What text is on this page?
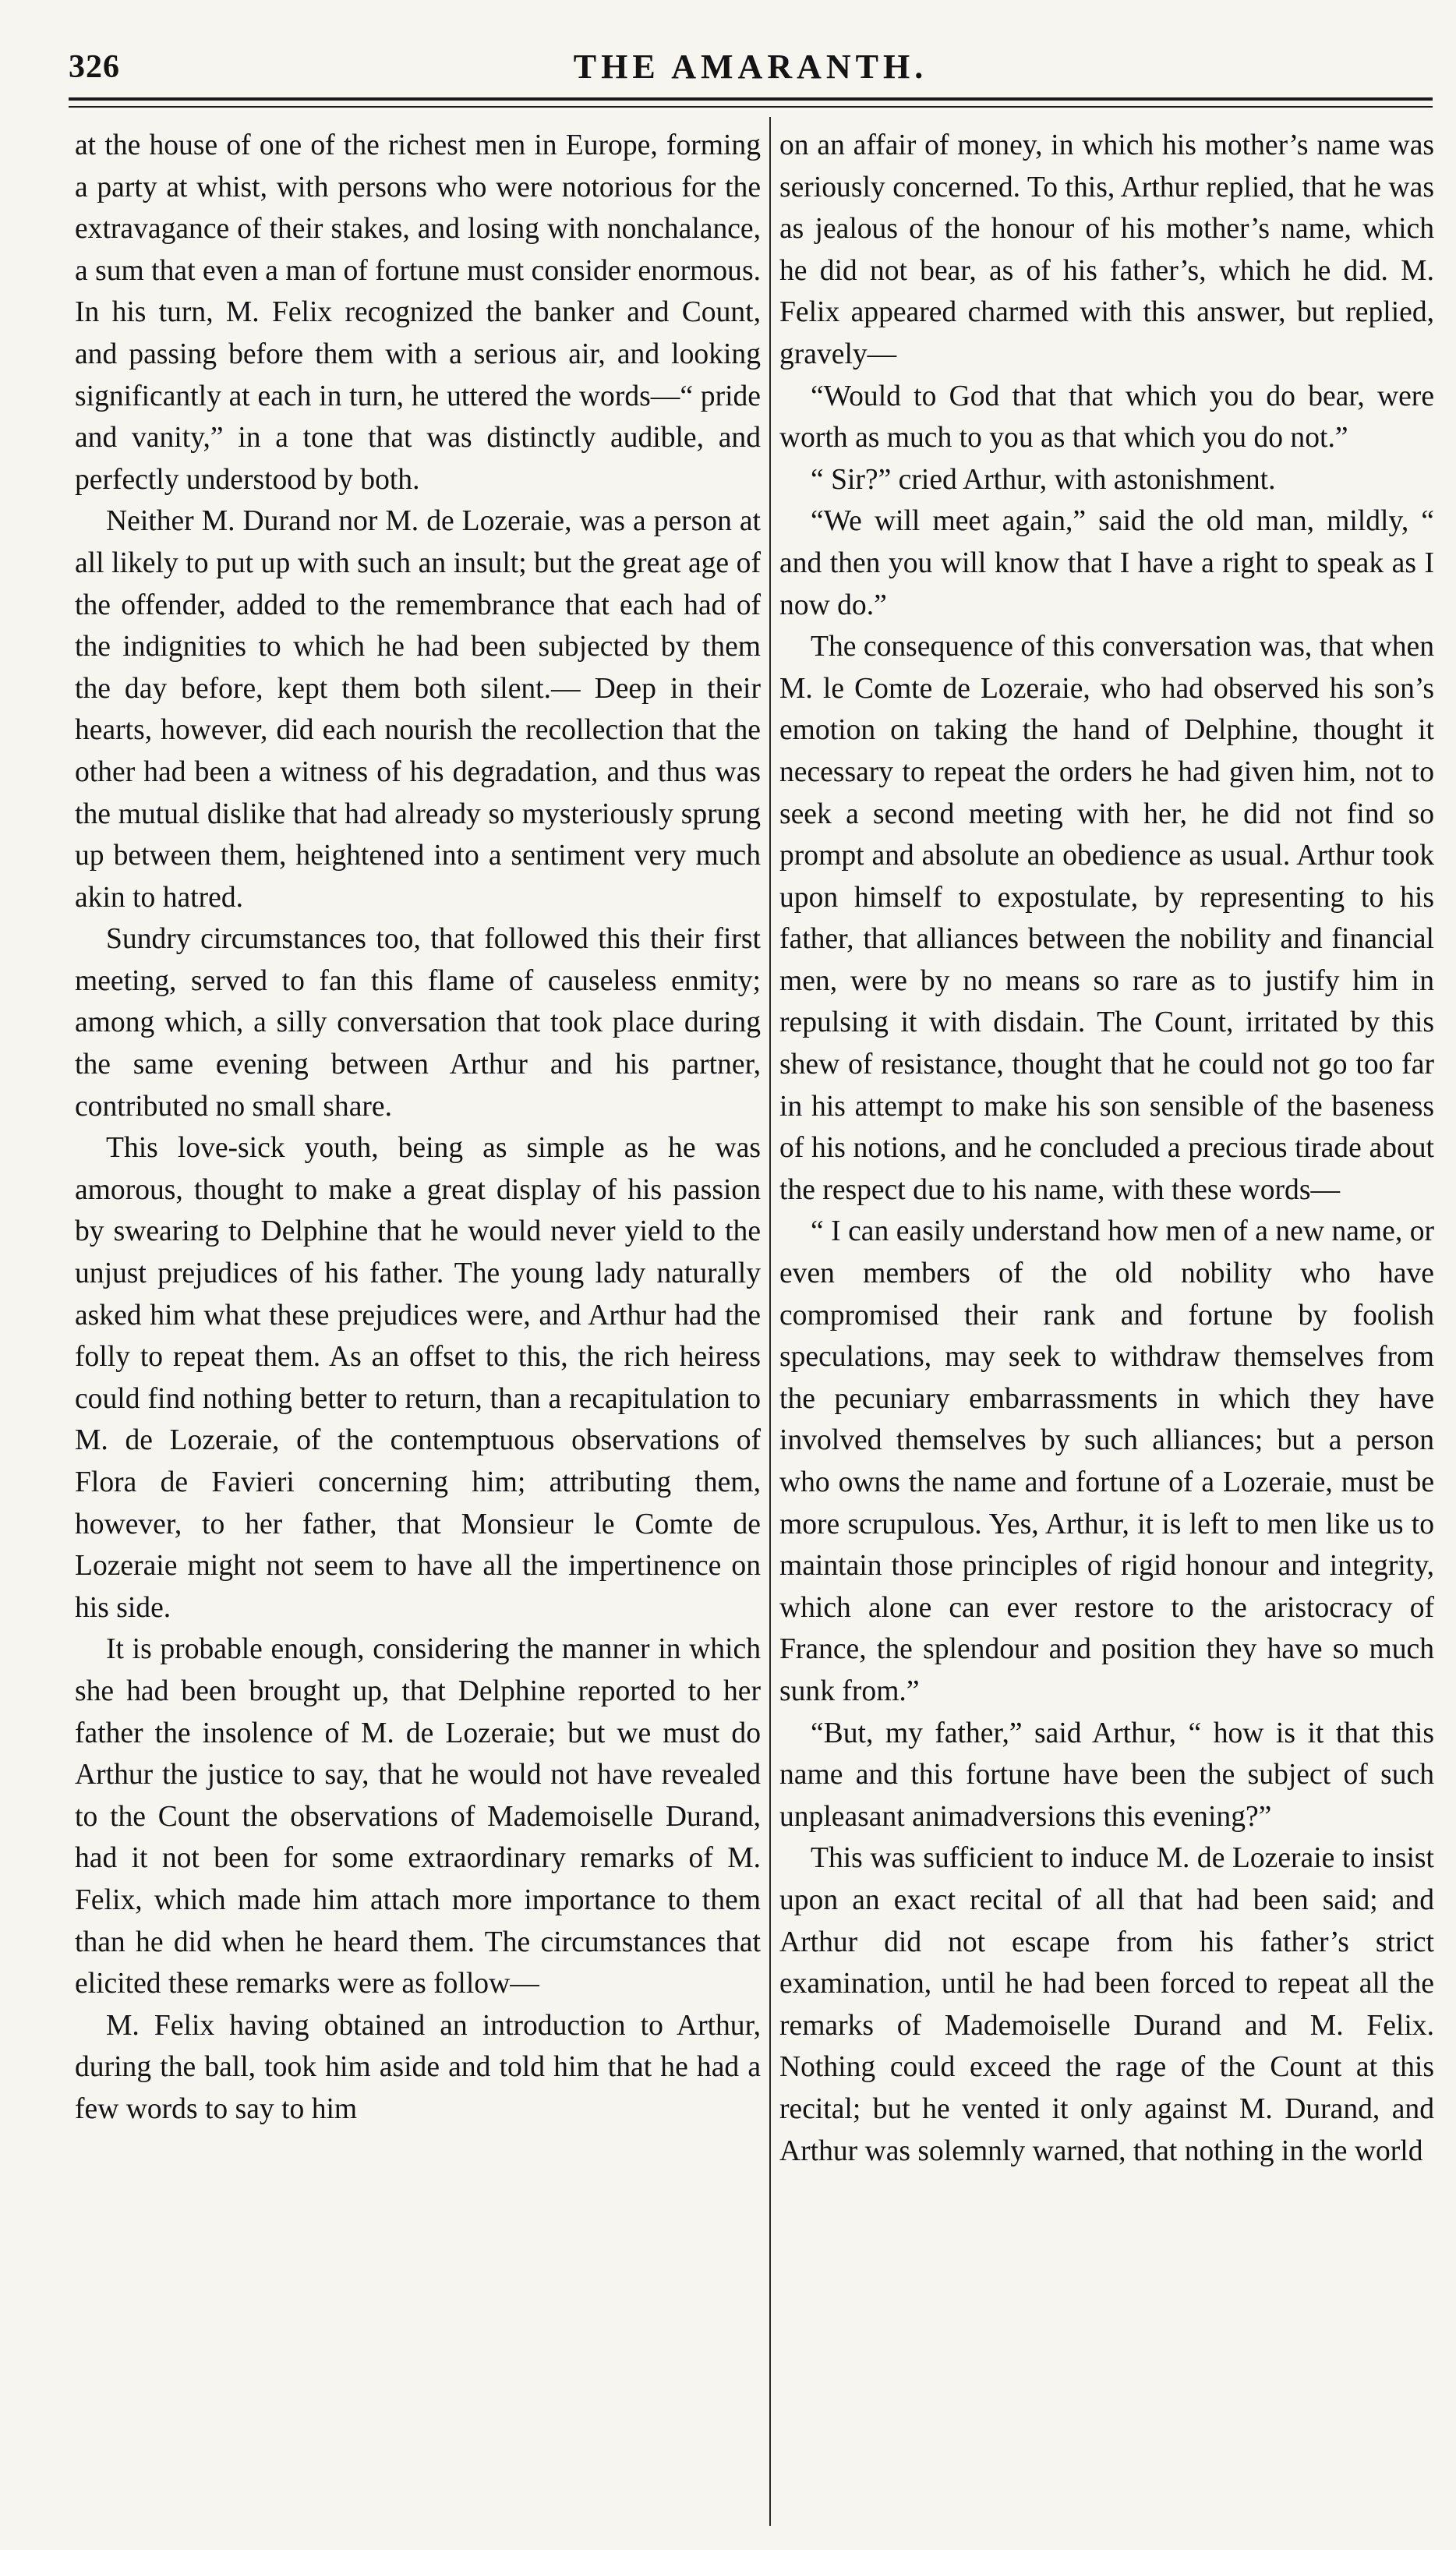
326	THE AMARANTH.

at the house of one of the richest men in Europe, forming a party at whist, with persons who were notorious for the extravagance of their stakes, and losing with nonchalance, a sum that even a man of fortune must consider enormous. In his turn, M. Felix recognized the banker and Count, and passing before them with a serious air, and looking significantly at each in turn, he uttered the words—“ pride and vanity,” in a tone that was distinctly audible, and perfectly understood by both.

Neither M. Durand nor M. de Lozeraie, was a person at all likely to put up with such an insult; but the great age of the offender, added to the remembrance that each had of the indignities to which he had been subjected by them the day before, kept them both silent.— Deep in their hearts, however, did each nourish the recollection that the other had been a witness of his degradation, and thus was the mutual dislike that had already so mysteriously sprung up between them, heightened into a sentiment very much akin to hatred.

Sundry circumstances too, that followed this their first meeting, served to fan this flame of causeless enmity; among which, a silly conversation that took place during the same evening between Arthur and his partner, contributed no small share.

This love-sick youth, being as simple as he was amorous, thought to make a great display of his passion by swearing to Delphine that he would never yield to the unjust prejudices of his father. The young lady naturally asked him what these prejudices were, and Arthur had the folly to repeat them. As an offset to this, the rich heiress could find nothing better to return, than a recapitulation to M. de Lozeraie, of the contemptuous observations of Flora de Favieri concerning him; attributing them, however, to her father, that Monsieur le Comte de Lozeraie might not seem to have all the impertinence on his side.

It is probable enough, considering the manner in which she had been brought up, that Delphine reported to her father the insolence of M. de Lozeraie; but we must do Arthur the justice to say, that he would not have revealed to the Count the observations of Mademoiselle Durand, had it not been for some extraordinary remarks of M. Felix, which made him attach more importance to them than he did when he heard them. The circumstances that elicited these remarks were as follow—

M. Felix having obtained an introduction to Arthur, during the ball, took him aside and told him that he had a few words to say to him

on an affair of money, in which his mother’s name was seriously concerned. To this, Arthur replied, that he was as jealous of the honour of his mother’s name, which he did not bear, as of his father’s, which he did. M. Felix appeared charmed with this answer, but replied, gravely—

“Would to God that that which you do bear, were worth as much to you as that which you do not.”

“ Sir?” cried Arthur, with astonishment.

“We will meet again,” said the old man, mildly, “ and then you will know that I have a right to speak as I now do.”

The consequence of this conversation was, that when M. le Comte de Lozeraie, who had observed his son’s emotion on taking the hand of Delphine, thought it necessary to repeat the orders he had given him, not to seek a second meeting with her, he did not find so prompt and absolute an obedience as usual. Arthur took upon himself to expostulate, by representing to his father, that alliances between the nobility and financial men, were by no means so rare as to justify him in repulsing it with disdain. The Count, irritated by this shew of resistance, thought that he could not go too far in his attempt to make his son sensible of the baseness of his notions, and he concluded a precious tirade about the respect due to his name, with these words—

“ I can easily understand how men of a new name, or even members of the old nobility who have compromised their rank and fortune by foolish speculations, may seek to withdraw themselves from the pecuniary embarrassments in which they have involved themselves by such alliances; but a person who owns the name and fortune of a Lozeraie, must be more scrupulous. Yes, Arthur, it is left to men like us to maintain those principles of rigid honour and integrity, which alone can ever restore to the aristocracy of France, the splendour and position they have so much sunk from.”

“But, my father,” said Arthur, “ how is it that this name and this fortune have been the subject of such unpleasant animadversions this evening?”

This was sufficient to induce M. de Lozeraie to insist upon an exact recital of all that had been said; and Arthur did not escape from his father’s strict examination, until he had been forced to repeat all the remarks of Mademoiselle Durand and M. Felix. Nothing could exceed the rage of the Count at this recital; but he vented it only against M. Durand, and Arthur was solemnly warned, that nothing in the world
